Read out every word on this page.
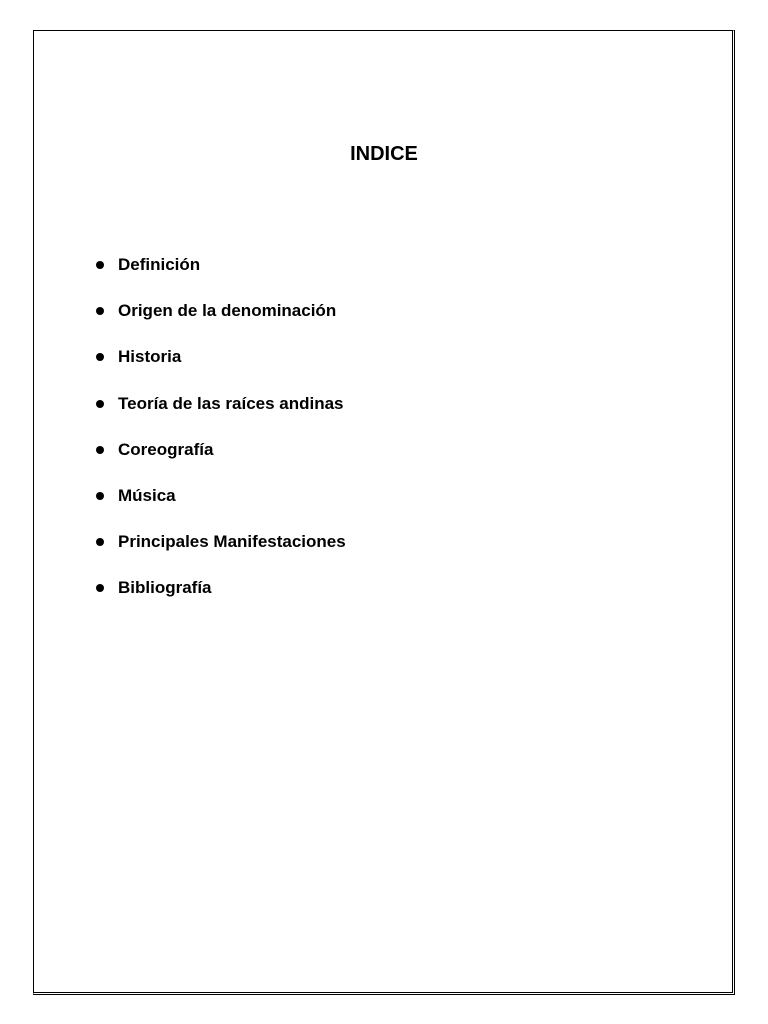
INDICE
Definición
Origen de la denominación
Historia
Teoría de las raíces andinas
Coreografía
Música
Principales Manifestaciones
Bibliografía
